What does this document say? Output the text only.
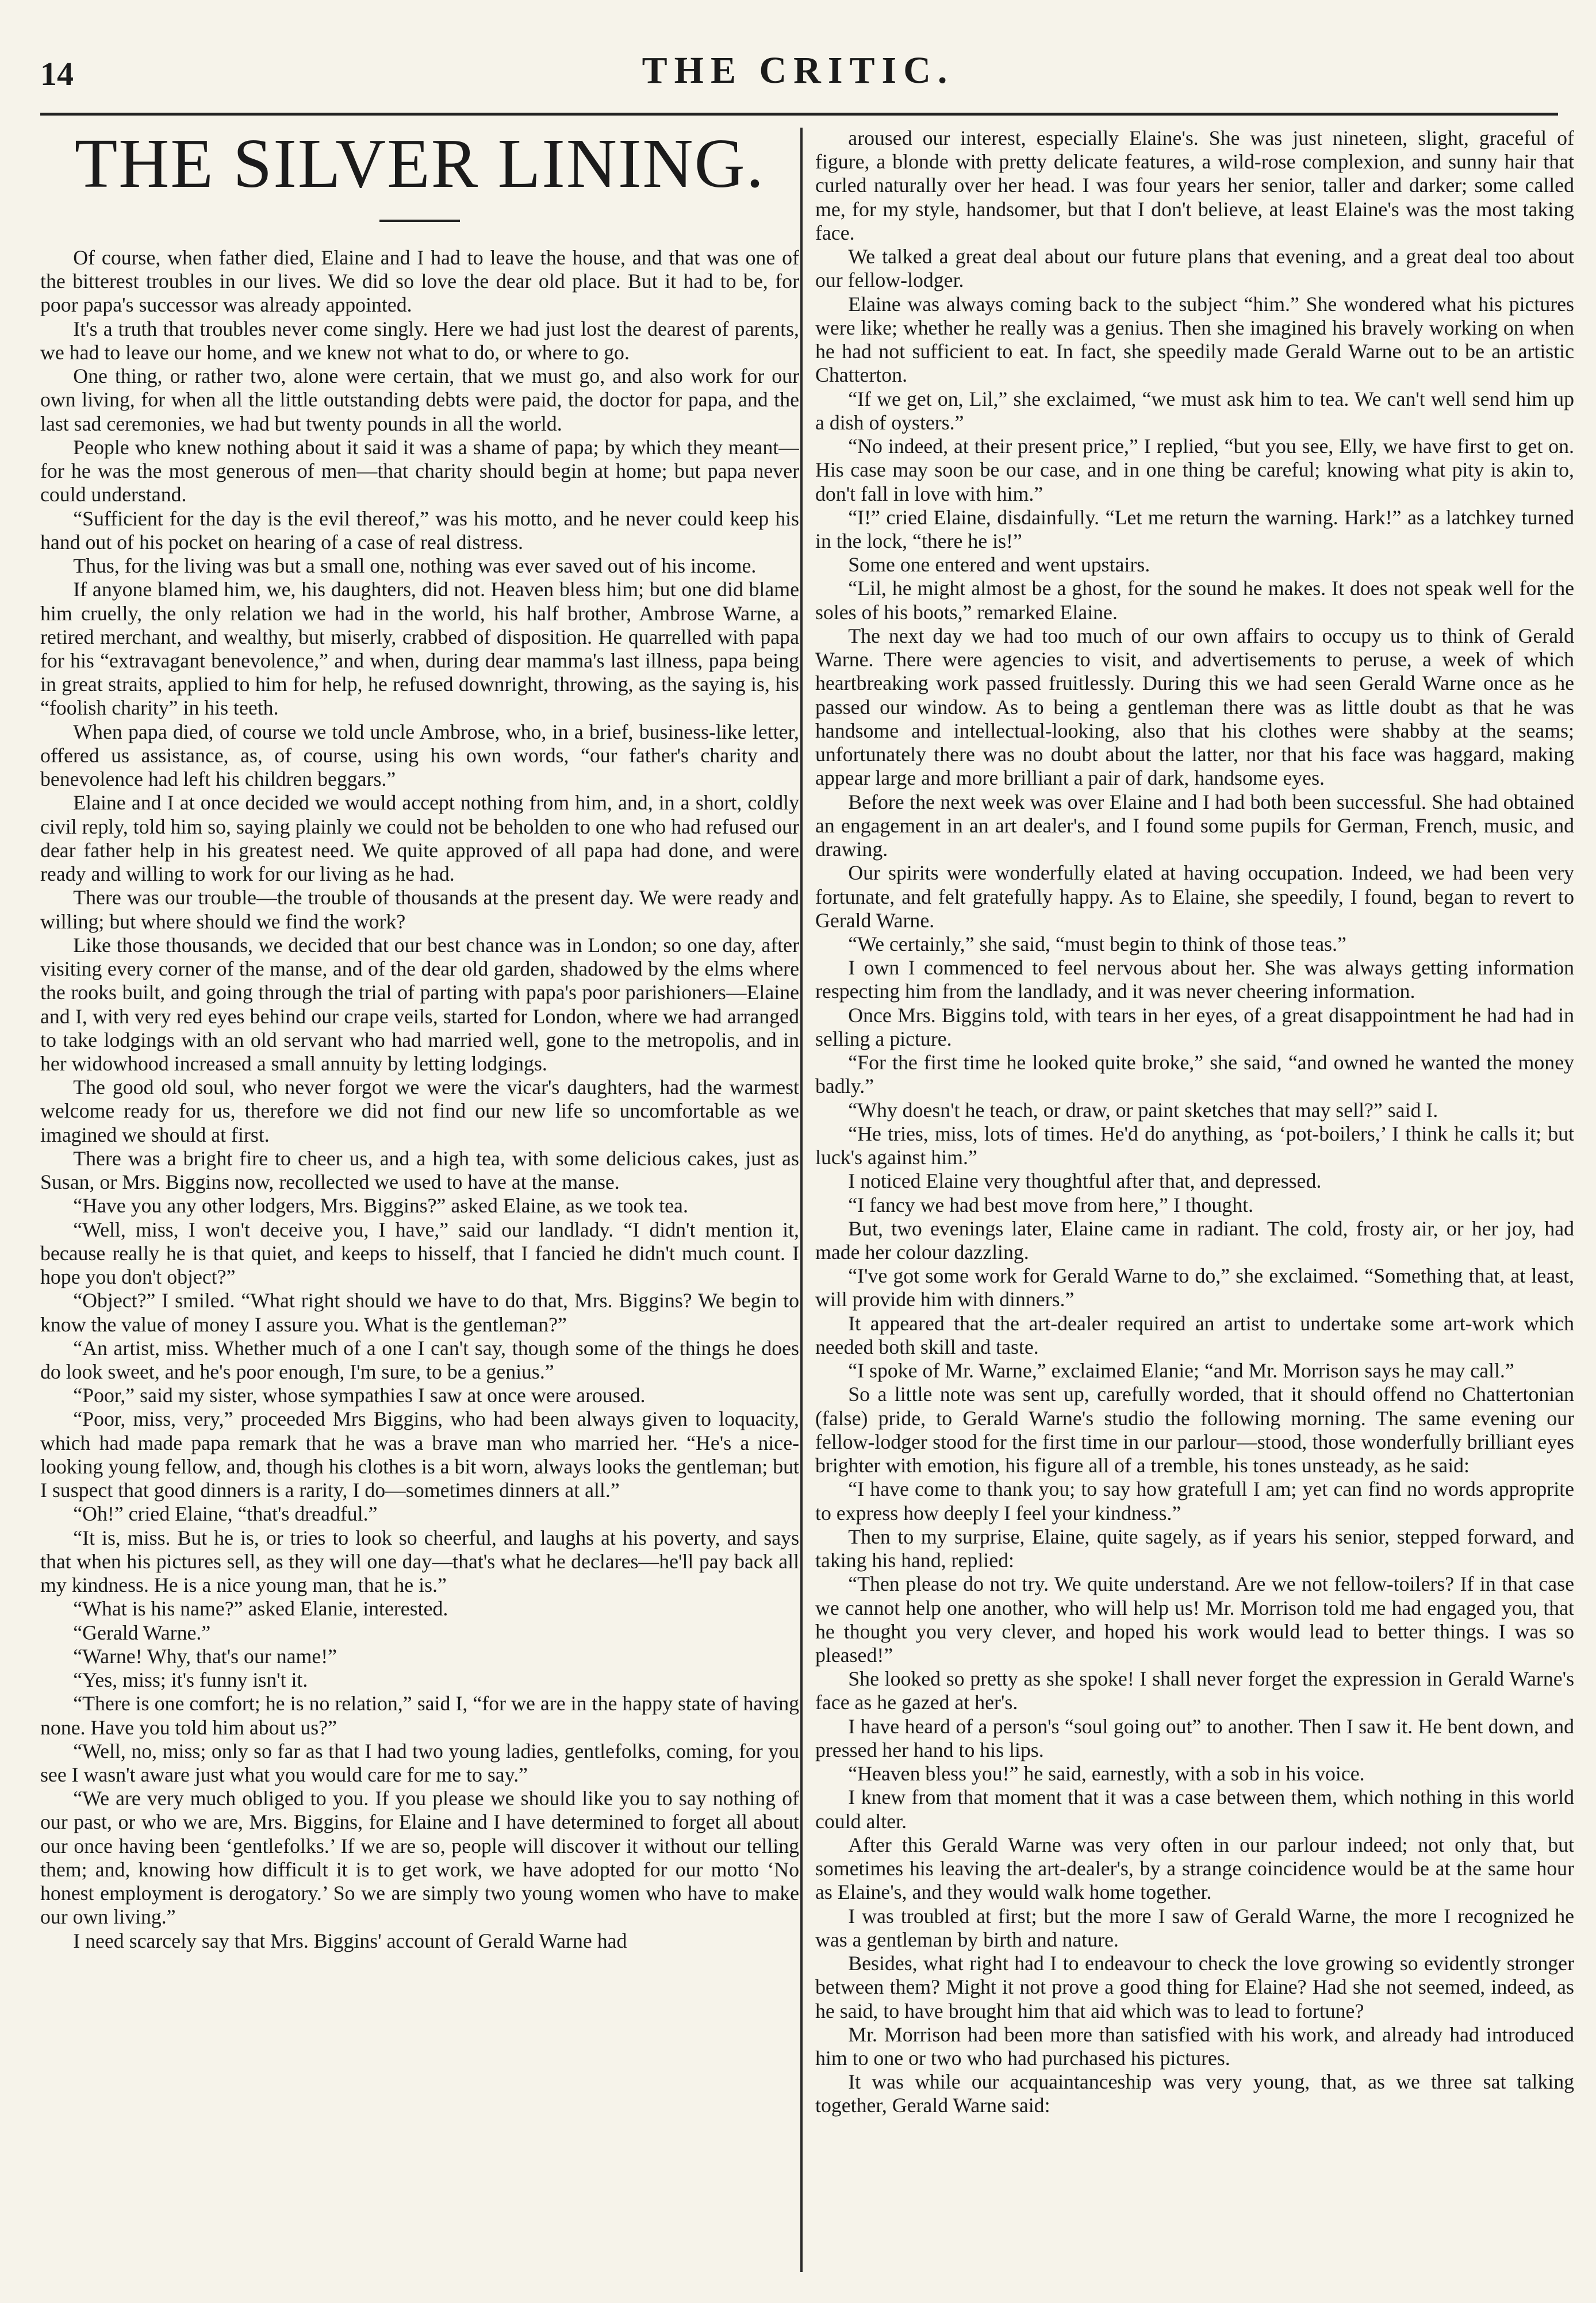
14	THE CRITIC.
THE SILVER LINING.

Of course, when father died, Elaine and I had to leave the house, and that was one of the bitterest troubles in our lives. We did so love the dear old place. But it had to be, for poor papa's successor was already appointed.

It's a truth that troubles never come singly. Here we had just lost the dearest of parents, we had to leave our home, and we knew not what to do, or where to go.

One thing, or rather two, alone were certain, that we must go, and also work for our own living, for when all the little outstanding debts were paid, the doctor for papa, and the last sad ceremonies, we had but twenty pounds in all the world.

People who knew nothing about it said it was a shame of papa; by which they meant—for he was the most generous of men—that charity should begin at home; but papa never could understand.

“Sufficient for the day is the evil thereof,” was his motto, and he never could keep his hand out of his pocket on hearing of a case of real distress.

Thus, for the living was but a small one, nothing was ever saved out of his income.

If anyone blamed him, we, his daughters, did not. Heaven bless him; but one did blame him cruelly, the only relation we had in the world, his half brother, Ambrose Warne, a retired merchant, and wealthy, but miserly, crabbed of disposition. He quarrelled with papa for his “extravagant benevolence,” and when, during dear mamma's last illness, papa being in great straits, applied to him for help, he refused downright, throwing, as the saying is, his “foolish charity” in his teeth.

When papa died, of course we told uncle Ambrose, who, in a brief, business-like letter, offered us assistance, as, of course, using his own words, “our father's charity and benevolence had left his children beggars.”

Elaine and I at once decided we would accept nothing from him, and, in a short, coldly civil reply, told him so, saying plainly we could not be beholden to one who had refused our dear father help in his greatest need. We quite approved of all papa had done, and were ready and willing to work for our living as he had.

There was our trouble—the trouble of thousands at the present day. We were ready and willing; but where should we find the work?

Like those thousands, we decided that our best chance was in London; so one day, after visiting every corner of the manse, and of the dear old garden, shadowed by the elms where the rooks built, and going through the trial of parting with papa's poor parishioners—Elaine and I, with very red eyes behind our crape veils, started for London, where we had arranged to take lodgings with an old servant who had married well, gone to the metropolis, and in her widowhood increased a small annuity by letting lodgings.

The good old soul, who never forgot we were the vicar's daughters, had the warmest welcome ready for us, therefore we did not find our new life so uncomfortable as we imagined we should at first.

There was a bright fire to cheer us, and a high tea, with some delicious cakes, just as Susan, or Mrs. Biggins now, recollected we used to have at the manse.

“Have you any other lodgers, Mrs. Biggins?” asked Elaine, as we took tea.

“Well, miss, I won't deceive you, I have,” said our landlady. “I didn't mention it, because really he is that quiet, and keeps to hisself, that I fancied he didn't much count. I hope you don't object?”

“Object?” I smiled. “What right should we have to do that, Mrs. Biggins? We begin to know the value of money I assure you. What is the gentleman?”

“An artist, miss. Whether much of a one I can't say, though some of the things he does do look sweet, and he's poor enough, I'm sure, to be a genius.”

“Poor,” said my sister, whose sympathies I saw at once were aroused.

“Poor, miss, very,” proceeded Mrs Biggins, who had been always given to loquacity, which had made papa remark that he was a brave man who married her. “He's a nice-looking young fellow, and, though his clothes is a bit worn, always looks the gentleman; but I suspect that good dinners is a rarity, I do—sometimes dinners at all.”

“Oh!” cried Elaine, “that's dreadful.”

“It is, miss. But he is, or tries to look so cheerful, and laughs at his poverty, and says that when his pictures sell, as they will one day—that's what he declares—he'll pay back all my kindness. He is a nice young man, that he is.”

“What is his name?” asked Elanie, interested.

“Gerald Warne.”

“Warne! Why, that's our name!”

“Yes, miss; it's funny isn't it.

“There is one comfort; he is no relation,” said I, “for we are in the happy state of having none. Have you told him about us?”

“Well, no, miss; only so far as that I had two young ladies, gentlefolks, coming, for you see I wasn't aware just what you would care for me to say.”

“We are very much obliged to you. If you please we should like you to say nothing of our past, or who we are, Mrs. Biggins, for Elaine and I have determined to forget all about our once having been ‘gentlefolks.’ If we are so, people will discover it without our telling them; and, knowing how difficult it is to get work, we have adopted for our motto ‘No honest employment is derogatory.’ So we are simply two young women who have to make our own living.”

I need scarcely say that Mrs. Biggins' account of Gerald Warne had

aroused our interest, especially Elaine's. She was just nineteen, slight, graceful of figure, a blonde with pretty delicate features, a wild-rose complexion, and sunny hair that curled naturally over her head. I was four years her senior, taller and darker; some called me, for my style, handsomer, but that I don't believe, at least Elaine's was the most taking face.

We talked a great deal about our future plans that evening, and a great deal too about our fellow-lodger.

Elaine was always coming back to the subject “him.” She wondered what his pictures were like; whether he really was a genius. Then she imagined his bravely working on when he had not sufficient to eat. In fact, she speedily made Gerald Warne out to be an artistic Chatterton.

“If we get on, Lil,” she exclaimed, “we must ask him to tea. We can't well send him up a dish of oysters.”

“No indeed, at their present price,” I replied, “but you see, Elly, we have first to get on. His case may soon be our case, and in one thing be careful; knowing what pity is akin to, don't fall in love with him.”

“I!” cried Elaine, disdainfully. “Let me return the warning. Hark!” as a latchkey turned in the lock, “there he is!”

Some one entered and went upstairs.

“Lil, he might almost be a ghost, for the sound he makes. It does not speak well for the soles of his boots,” remarked Elaine.

The next day we had too much of our own affairs to occupy us to think of Gerald Warne. There were agencies to visit, and advertisements to peruse, a week of which heartbreaking work passed fruitlessly. During this we had seen Gerald Warne once as he passed our window. As to being a gentleman there was as little doubt as that he was handsome and intellectual-looking, also that his clothes were shabby at the seams; unfortunately there was no doubt about the latter, nor that his face was haggard, making appear large and more brilliant a pair of dark, handsome eyes.

Before the next week was over Elaine and I had both been successful. She had obtained an engagement in an art dealer's, and I found some pupils for German, French, music, and drawing.

Our spirits were wonderfully elated at having occupation. Indeed, we had been very fortunate, and felt gratefully happy. As to Elaine, she speedily, I found, began to revert to Gerald Warne.

“We certainly,” she said, “must begin to think of those teas.”

I own I commenced to feel nervous about her. She was always getting information respecting him from the landlady, and it was never cheering information.

Once Mrs. Biggins told, with tears in her eyes, of a great disappointment he had had in selling a picture.

“For the first time he looked quite broke,” she said, “and owned he wanted the money badly.”

“Why doesn't he teach, or draw, or paint sketches that may sell?” said I.

“He tries, miss, lots of times. He'd do anything, as ‘pot-boilers,’ I think he calls it; but luck's against him.”

I noticed Elaine very thoughtful after that, and depressed.

“I fancy we had best move from here,” I thought.

But, two evenings later, Elaine came in radiant. The cold, frosty air, or her joy, had made her colour dazzling.

“I've got some work for Gerald Warne to do,” she exclaimed. “Something that, at least, will provide him with dinners.”

It appeared that the art-dealer required an artist to undertake some art-work which needed both skill and taste.

“I spoke of Mr. Warne,” exclaimed Elanie; “and Mr. Morrison says he may call.”

So a little note was sent up, carefully worded, that it should offend no Chattertonian (false) pride, to Gerald Warne's studio the following morning. The same evening our fellow-lodger stood for the first time in our parlour—stood, those wonderfully brilliant eyes brighter with emotion, his figure all of a tremble, his tones unsteady, as he said:

“I have come to thank you; to say how gratefull I am; yet can find no words approprite to express how deeply I feel your kindness.”

Then to my surprise, Elaine, quite sagely, as if years his senior, stepped forward, and taking his hand, replied:

“Then please do not try. We quite understand. Are we not fellow-toilers? If in that case we cannot help one another, who will help us! Mr. Morrison told me had engaged you, that he thought you very clever, and hoped his work would lead to better things. I was so pleased!”

She looked so pretty as she spoke! I shall never forget the expression in Gerald Warne's face as he gazed at her's.

I have heard of a person's “soul going out” to another. Then I saw it. He bent down, and pressed her hand to his lips.

“Heaven bless you!” he said, earnestly, with a sob in his voice.

I knew from that moment that it was a case between them, which nothing in this world could alter.

After this Gerald Warne was very often in our parlour indeed; not only that, but sometimes his leaving the art-dealer's, by a strange coincidence would be at the same hour as Elaine's, and they would walk home together.

I was troubled at first; but the more I saw of Gerald Warne, the more I recognized he was a gentleman by birth and nature.

Besides, what right had I to endeavour to check the love growing so evidently stronger between them? Might it not prove a good thing for Elaine? Had she not seemed, indeed, as he said, to have brought him that aid which was to lead to fortune?

Mr. Morrison had been more than satisfied with his work, and already had introduced him to one or two who had purchased his pictures.

It was while our acquaintanceship was very young, that, as we three sat talking together, Gerald Warne said:
